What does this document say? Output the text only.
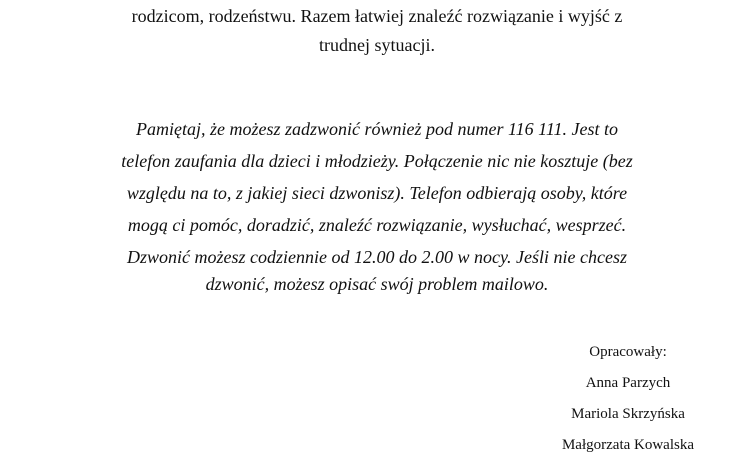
rodzicom, rodzeństwu. Razem łatwiej znaleźć rozwiązanie i wyjść z
trudnej sytuacji.
Pamiętaj, że możesz zadzwonić również pod numer 116 111. Jest to
telefon zaufania dla dzieci i młodzieży. Połączenie nic nie kosztuje (bez
względu na to, z jakiej sieci dzwonisz). Telefon odbierają osoby, które
mogą ci pomóc, doradzić, znaleźć rozwiązanie, wysłuchać, wesprzeć.
Dzwonić możesz codziennie od 12.00 do 2.00 w nocy. Jeśli nie chcesz
dzwonić, możesz opisać swój problem mailowo.
Opracowały:
Anna Parzych
Mariola Skrzyńska
Małgorzata Kowalska
